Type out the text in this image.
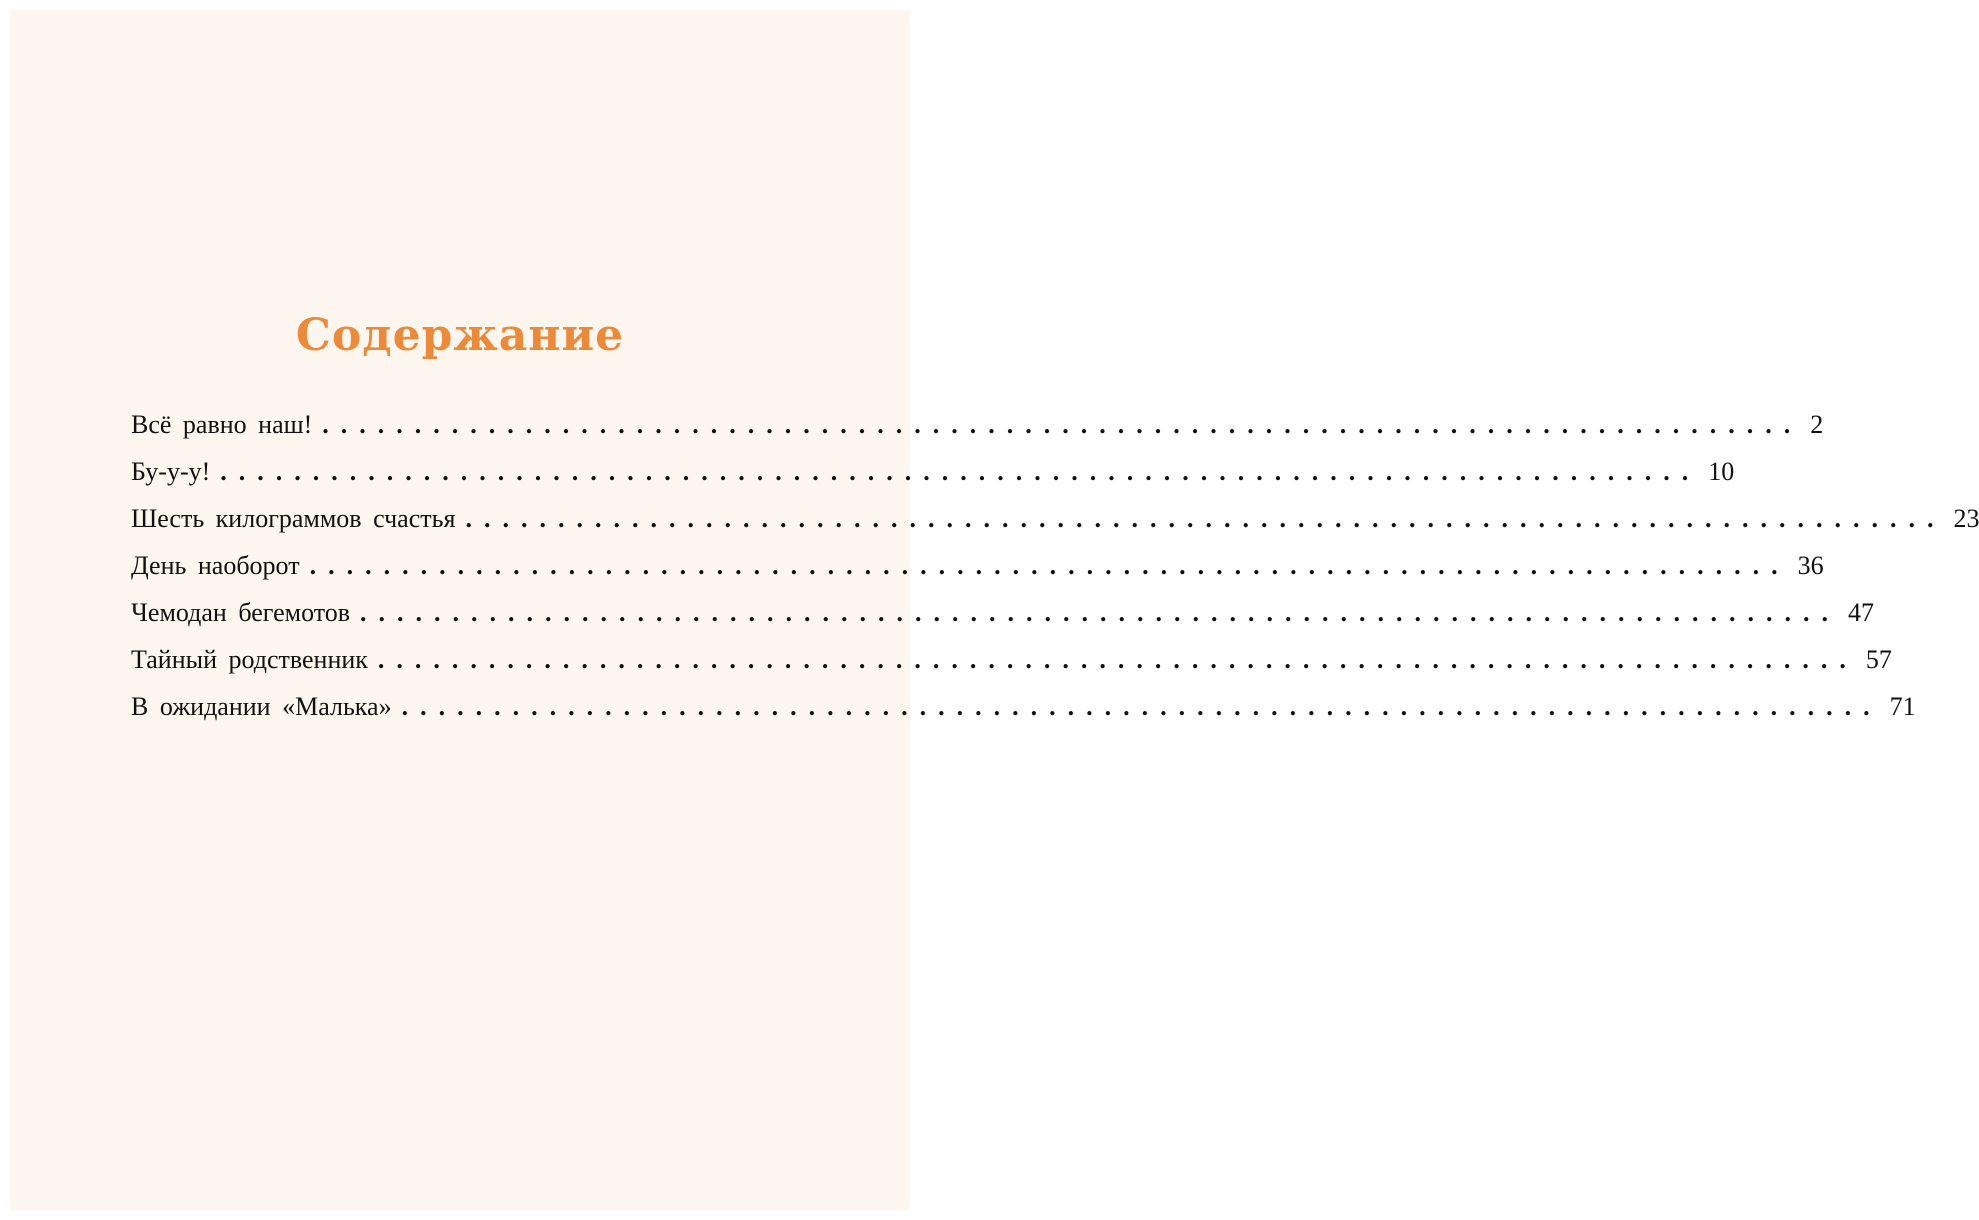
Содержание
Всё равно наш! ................................................................................ 2
Бу-у-у! ................................................................................ 10
Шесть килограммов счастья ................................................................................ 23
День наоборот ................................................................................ 36
Чемодан бегемотов ................................................................................ 47
Тайный родственник ................................................................................ 57
В ожидании «Малька» ................................................................................ 71
